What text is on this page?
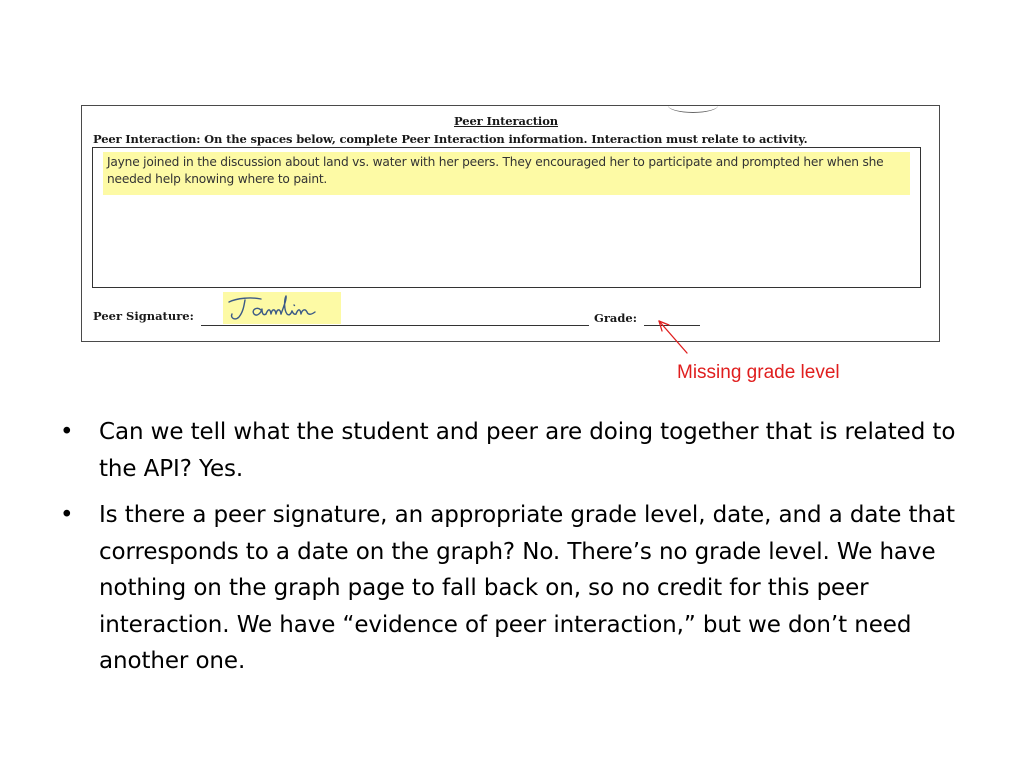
Peer Interaction
Peer Interaction: On the spaces below, complete Peer Interaction information. Interaction must relate to activity.
Jayne joined in the discussion about land vs. water with her peers. They encouraged her to participate and prompted her when she needed help knowing where to paint.
Peer Signature:	Grade:
Missing grade level
• Can we tell what the student and peer are doing together that is related to the API? Yes.
• Is there a peer signature, an appropriate grade level, date, and a date that corresponds to a date on the graph? No. There’s no grade level. We have nothing on the graph page to fall back on, so no credit for this peer interaction. We have “evidence of peer interaction,” but we don’t need another one.
